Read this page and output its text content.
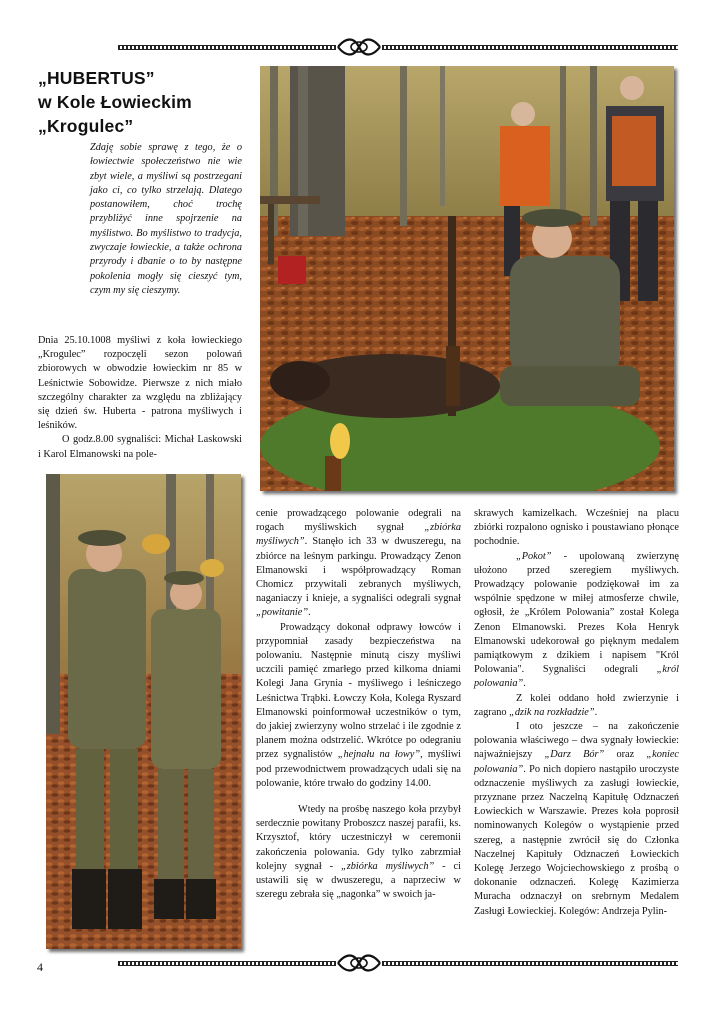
„HUBERTUS”
w Kole Łowieckim
„Krogulec”
Zdaję sobie sprawę z tego, że o łowiectwie społeczeństwo nie wie zbyt wiele, a myśliwi są postrzegani jako ci, co tylko strzelają. Dlatego postanowiłem, choć trochę przybliżyć inne spojrzenie na myślistwo. Bo myślistwo to tradycja, zwyczaje łowieckie, a także ochrona przyrody i dbanie o to by następne pokolenia mogły się cieszyć tym, czym my się cieszymy.

Dnia 25.10.1008 myśliwi z koła łowieckiego „Krogulec” rozpoczęli sezon polowań zbiorowych w obwodzie łowieckim nr 85 w Leśnictwie Sobowidze. Pierwsze z nich miało szczególny charakter za względu na zbliżający się dzień św. Huberta - patrona myśliwych i leśników.

O godz.8.00 sygnaliści: Michał Laskowski i Karol Elmanowski na pole-

cenie prowadzącego polowanie odegrali na rogach myśliwskich sygnał „zbiórka myśliwych”. Stanęło ich 33 w dwuszeregu, na zbiórce na leśnym parkingu. Prowadzący Zenon Elmanowski i współprowadzący Roman Chomicz przywitali zebranych myśliwych, naganiaczy i knieje, a sygnaliści odegrali sygnał „powitanie”.

Prowadzący dokonał odprawy łowców i przypomniał zasady bezpieczeństwa na polowaniu. Następnie minutą ciszy myśliwi uczcili pamięć zmarłego przed kilkoma dniami Kolegi Jana Grynia - myśliwego i leśniczego Leśnictwa Trąbki. Łowczy Koła, Kolega Ryszard Elmanowski poinformował uczestników o tym, do jakiej zwierzyny wolno strzelać i ile zgodnie z planem można odstrzelić. Wkrótce po odegraniu przez sygnalistów „hejnału na łowy”, myśliwi pod przewodnictwem prowadzących udali się na polowanie, które trwało do godziny 14.00.

Wtedy na prośbę naszego koła przybył serdecznie powitany Proboszcz naszej parafii, ks. Krzysztof, który uczestniczył w ceremonii zakończenia polowania. Gdy tylko zabrzmiał kolejny sygnał - „zbiórka myśliwych” - ci ustawili się w dwuszeregu, a naprzeciw w szeregu zebrała się „nagonka” w swoich ja-

skrawych kamizelkach. Wcześniej na placu zbiórki rozpalono ognisko i poustawiano płonące pochodnie.

„Pokot” - upolowaną zwierzynę ułożono przed szeregiem myśliwych. Prowadzący polowanie podziękował im za wspólnie spędzone w miłej atmosferze chwile, ogłosił, że „Królem Polowania” został Kolega Zenon Elmanowski. Prezes Koła Henryk Elmanowski udekorował go pięknym medalem pamiątkowym z dzikiem i napisem "Król Polowania". Sygnaliści odegrali „król polowania”.

Z kolei oddano hołd zwierzynie i zagrano „dzik na rozkładzie”.

I oto jeszcze – na zakończenie polowania właściwego – dwa sygnały łowieckie: najważniejszy „Darz Bór” oraz „koniec polowania”. Po nich dopiero nastąpiło uroczyste odznaczenie myśliwych za zasługi łowieckie, przyznane przez Naczelną Kapitułę Odznaczeń Łowieckich w Warszawie. Prezes koła poprosił nominowanych Kolegów o wystąpienie przed szereg, a następnie zwrócił się do Członka Naczelnej Kapituły Odznaczeń Łowieckich Kolegę Jerzego Wojciechowskiego z prośbą o dokonanie odznaczeń. Kolegę Kazimierza Muracha odznaczył on srebrnym Medalem Zasługi Łowieckiej. Kolegów: Andrzeja Pylin-

4
